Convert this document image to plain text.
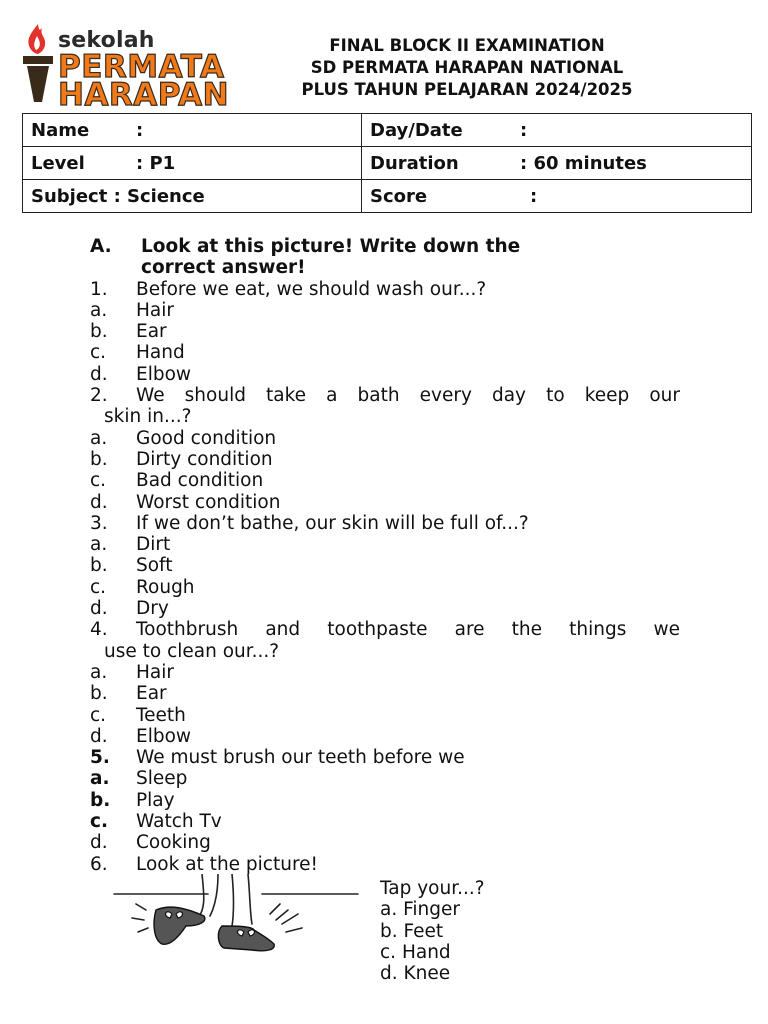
sekolah
PERMATA
HARAPAN
FINAL BLOCK II EXAMINATION
SD PERMATA HARAPAN NATIONAL
PLUS TAHUN PELAJARAN 2024/2025
Name :	Day/Date :
Level : P1	Duration : 60 minutes
Subject : Science	Score :
A.	Look at this picture! Write down the
correct answer!
1.	Before we eat, we should wash our...?
a.	Hair
b.	Ear
c.	Hand
d.	Elbow
2.	We should take a bath every day to keep our
skin in...?
a.	Good condition
b.	Dirty condition
c.	Bad condition
d.	Worst condition
3.	If we don’t bathe, our skin will be full of...?
a.	Dirt
b.	Soft
c.	Rough
d.	Dry
4.	Toothbrush and toothpaste are the things we
use to clean our...?
a.	Hair
b.	Ear
c.	Teeth
d.	Elbow
5.	We must brush our teeth before we
a.	Sleep
b.	Play
c.	Watch Tv
d.	Cooking
6.	Look at the picture!
Tap your...?
a. Finger
b. Feet
c. Hand
d. Knee
